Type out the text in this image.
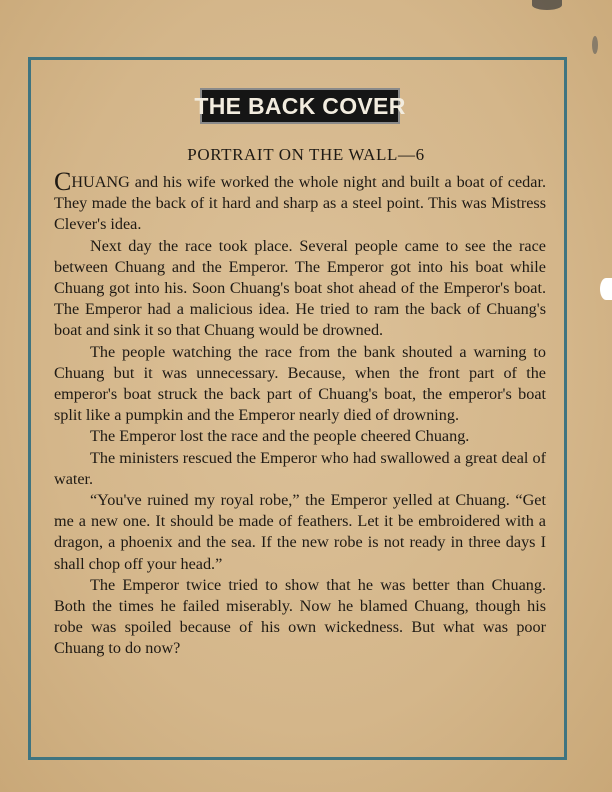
THE BACK COVER
PORTRAIT ON THE WALL—6

CHUANG and his wife worked the whole night and built a boat of cedar. They made the back of it hard and sharp as a steel point. This was Mistress Clever's idea.

Next day the race took place. Several people came to see the race between Chuang and the Emperor. The Emperor got into his boat while Chuang got into his. Soon Chuang's boat shot ahead of the Emperor's boat. The Emperor had a malicious idea. He tried to ram the back of Chuang's boat and sink it so that Chuang would be drowned.

The people watching the race from the bank shouted a warning to Chuang but it was unnecessary. Because, when the front part of the emperor's boat struck the back part of Chuang's boat, the emperor's boat split like a pumpkin and the Emperor nearly died of drowning.

The Emperor lost the race and the people cheered Chuang.

The ministers rescued the Emperor who had swallowed a great deal of water.

“You've ruined my royal robe,” the Emperor yelled at Chuang. “Get me a new one. It should be made of feathers. Let it be embroidered with a dragon, a phoenix and the sea. If the new robe is not ready in three days I shall chop off your head.”

The Emperor twice tried to show that he was better than Chuang. Both the times he failed miserably. Now he blamed Chuang, though his robe was spoiled because of his own wickedness. But what was poor Chuang to do now?
